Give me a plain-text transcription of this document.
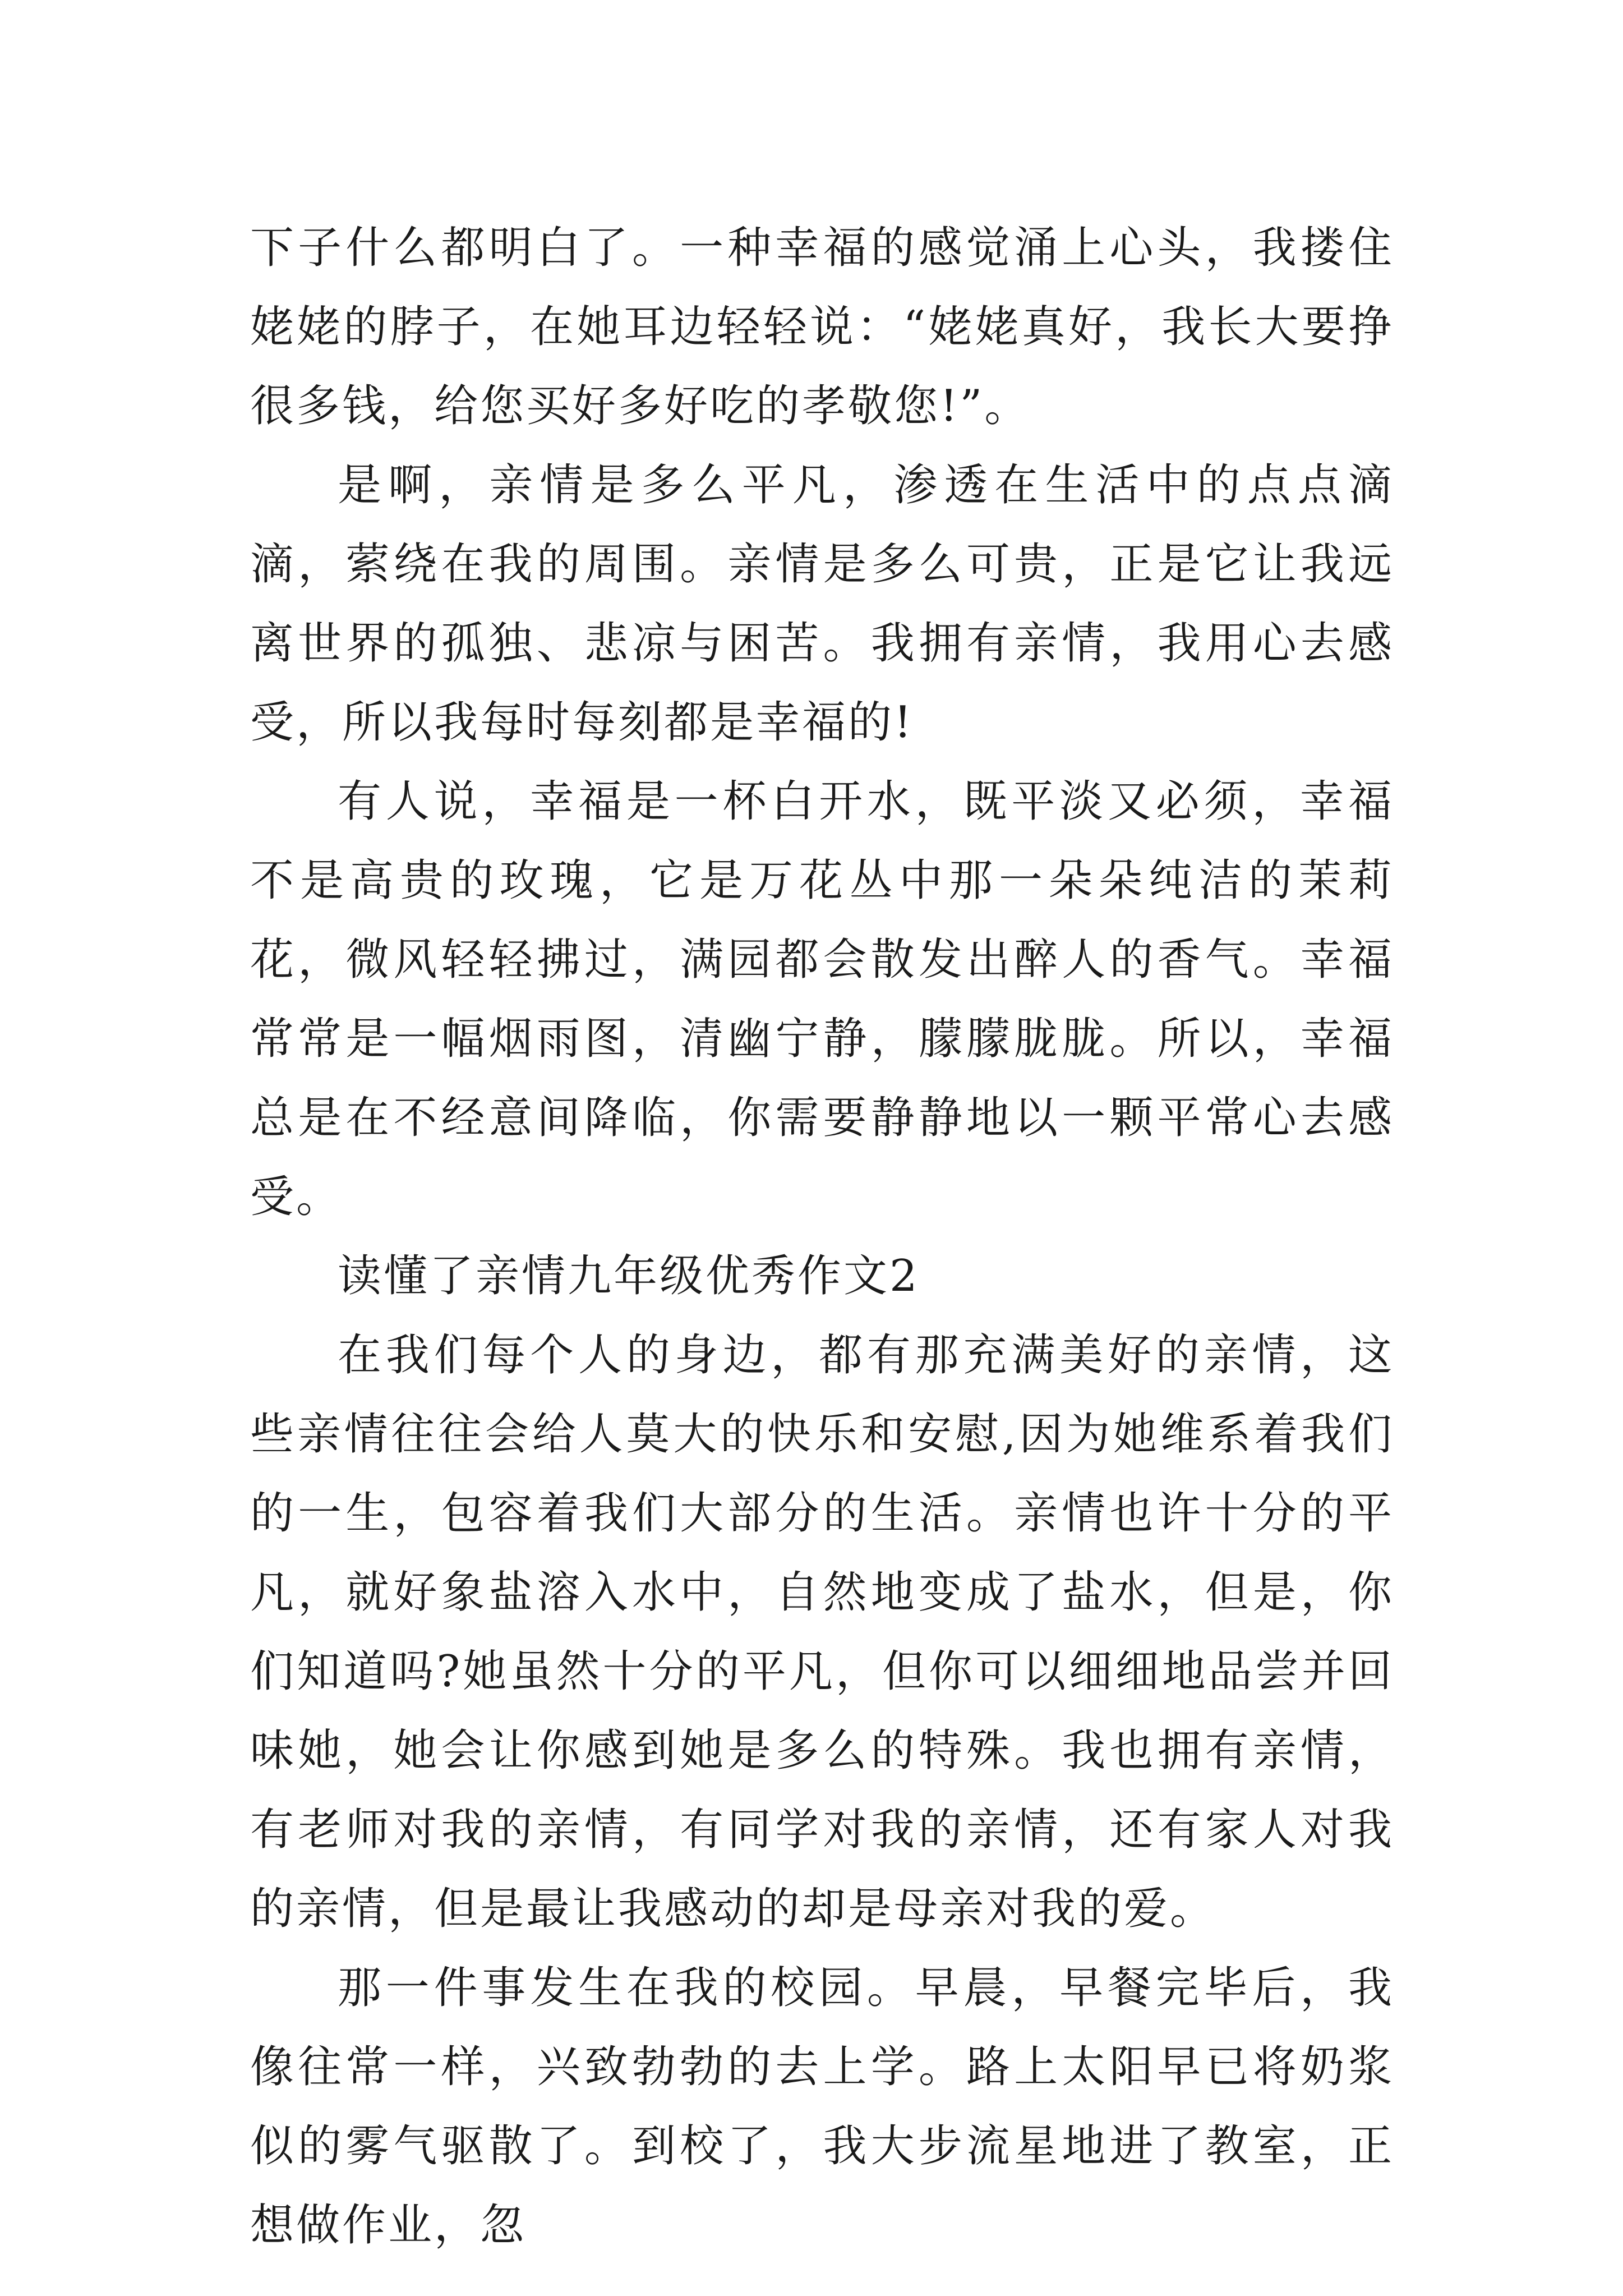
下子什么都明白了。一种幸福的感觉涌上心头，我搂住姥姥的脖子，在她耳边轻轻说：“姥姥真好，我长大要挣很多钱，给您买好多好吃的孝敬您!”。

是啊，亲情是多么平凡，渗透在生活中的点点滴滴，萦绕在我的周围。亲情是多么可贵，正是它让我远离世界的孤独、悲凉与困苦。我拥有亲情，我用心去感受，所以我每时每刻都是幸福的!

有人说，幸福是一杯白开水，既平淡又必须，幸福不是高贵的玫瑰，它是万花丛中那一朵朵纯洁的茉莉花，微风轻轻拂过，满园都会散发出醉人的香气。幸福常常是一幅烟雨图，清幽宁静，朦朦胧胧。所以，幸福总是在不经意间降临，你需要静静地以一颗平常心去感受。

读懂了亲情九年级优秀作文2

在我们每个人的身边，都有那充满美好的亲情，这些亲情往往会给人莫大的快乐和安慰,因为她维系着我们的一生，包容着我们大部分的生活。亲情也许十分的平凡，就好象盐溶入水中，自然地变成了盐水，但是，你们知道吗?她虽然十分的平凡，但你可以细细地品尝并回味她，她会让你感到她是多么的特殊。我也拥有亲情，有老师对我的亲情，有同学对我的亲情，还有家人对我的亲情，但是最让我感动的却是母亲对我的爱。

那一件事发生在我的校园。早晨，早餐完毕后，我像往常一样，兴致勃勃的去上学。路上太阳早已将奶浆似的雾气驱散了。到校了，我大步流星地进了教室，正想做作业，忽
